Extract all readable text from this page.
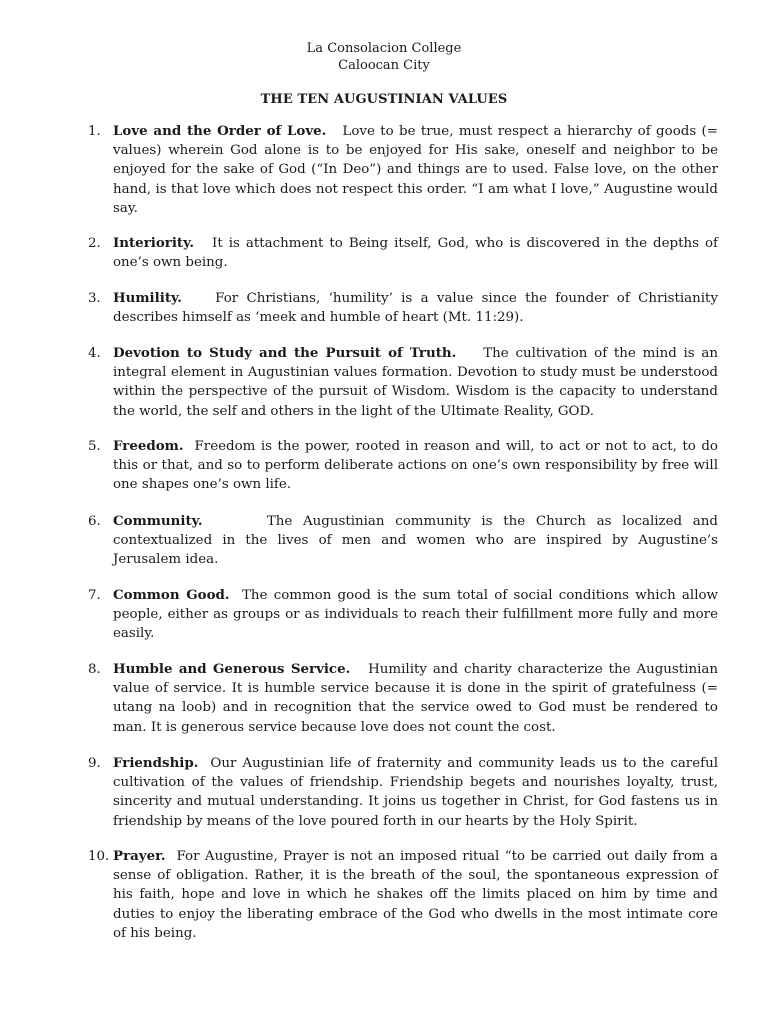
La Consolacion College
Caloocan City
THE TEN AUGUSTINIAN VALUES
1. Love and the Order of Love. Love to be true, must respect a hierarchy of goods (= values) wherein God alone is to be enjoyed for His sake, oneself and neighbor to be enjoyed for the sake of God (“In Deo”) and things are to used. False love, on the other hand, is that love which does not respect this order. “I am what I love,” Augustine would say.
2. Interiority. It is attachment to Being itself, God, who is discovered in the depths of one’s own being.
3. Humility. For Christians, ‘humility’ is a value since the founder of Christianity describes himself as ‘meek and humble of heart (Mt. 11:29).
4. Devotion to Study and the Pursuit of Truth. The cultivation of the mind is an integral element in Augustinian values formation. Devotion to study must be understood within the perspective of the pursuit of Wisdom. Wisdom is the capacity to understand the world, the self and others in the light of the Ultimate Reality, GOD.
5. Freedom. Freedom is the power, rooted in reason and will, to act or not to act, to do this or that, and so to perform deliberate actions on one’s own responsibility by free will one shapes one’s own life.
6. Community.	The Augustinian community is the Church as localized and contextualized in the lives of men and women who are inspired by Augustine’s Jerusalem idea.
7. Common Good. The common good is the sum total of social conditions which allow people, either as groups or as individuals to reach their fulfillment more fully and more easily.
8. Humble and Generous Service. Humility and charity characterize the Augustinian value of service. It is humble service because it is done in the spirit of gratefulness (= utang na loob) and in recognition that the service owed to God must be rendered to man. It is generous service because love does not count the cost.
9. Friendship. Our Augustinian life of fraternity and community leads us to the careful cultivation of the values of friendship. Friendship begets and nourishes loyalty, trust, sincerity and mutual understanding. It joins us together in Christ, for God fastens us in friendship by means of the love poured forth in our hearts by the Holy Spirit.
10. Prayer. For Augustine, Prayer is not an imposed ritual “to be carried out daily from a sense of obligation. Rather, it is the breath of the soul, the spontaneous expression of his faith, hope and love in which he shakes off the limits placed on him by time and duties to enjoy the liberating embrace of the God who dwells in the most intimate core of his being.
